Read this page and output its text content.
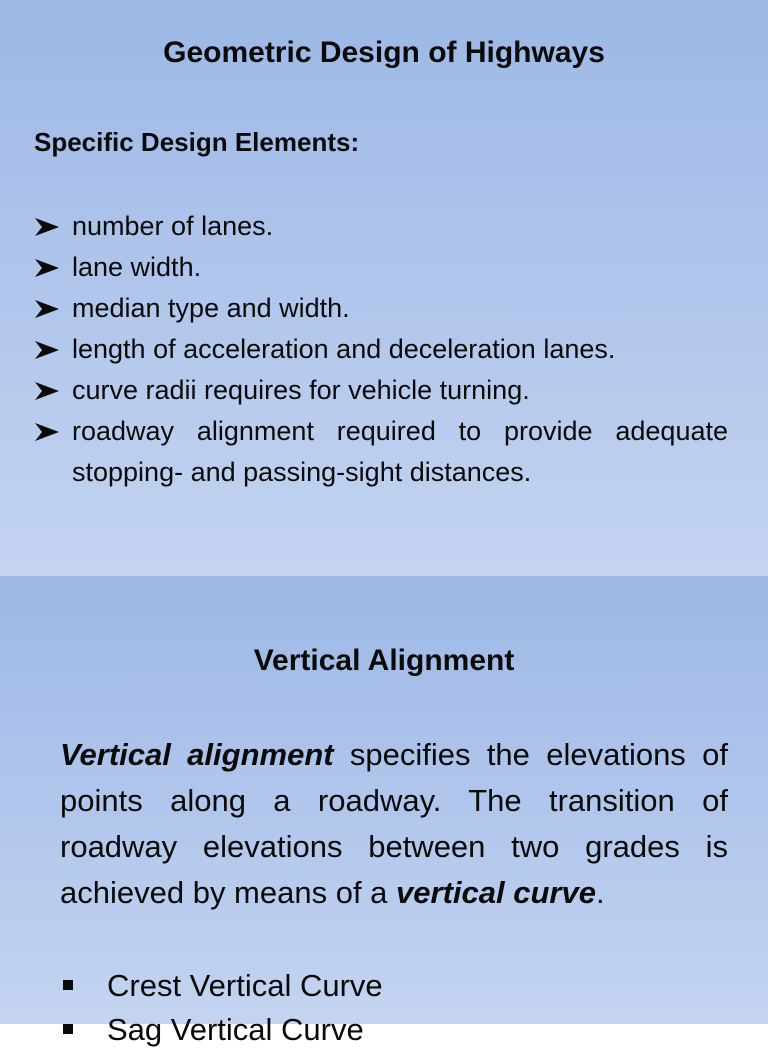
Geometric Design of Highways
Specific Design Elements:
number of lanes.
lane width.
median type and width.
length of acceleration and deceleration lanes.
curve radii requires for vehicle turning.
roadway alignment required to provide adequate stopping- and passing-sight distances.
Vertical Alignment

Vertical alignment specifies the elevations of points along a roadway. The transition of roadway elevations between two grades is achieved by means of a vertical curve.

Crest Vertical Curve
Sag Vertical Curve
